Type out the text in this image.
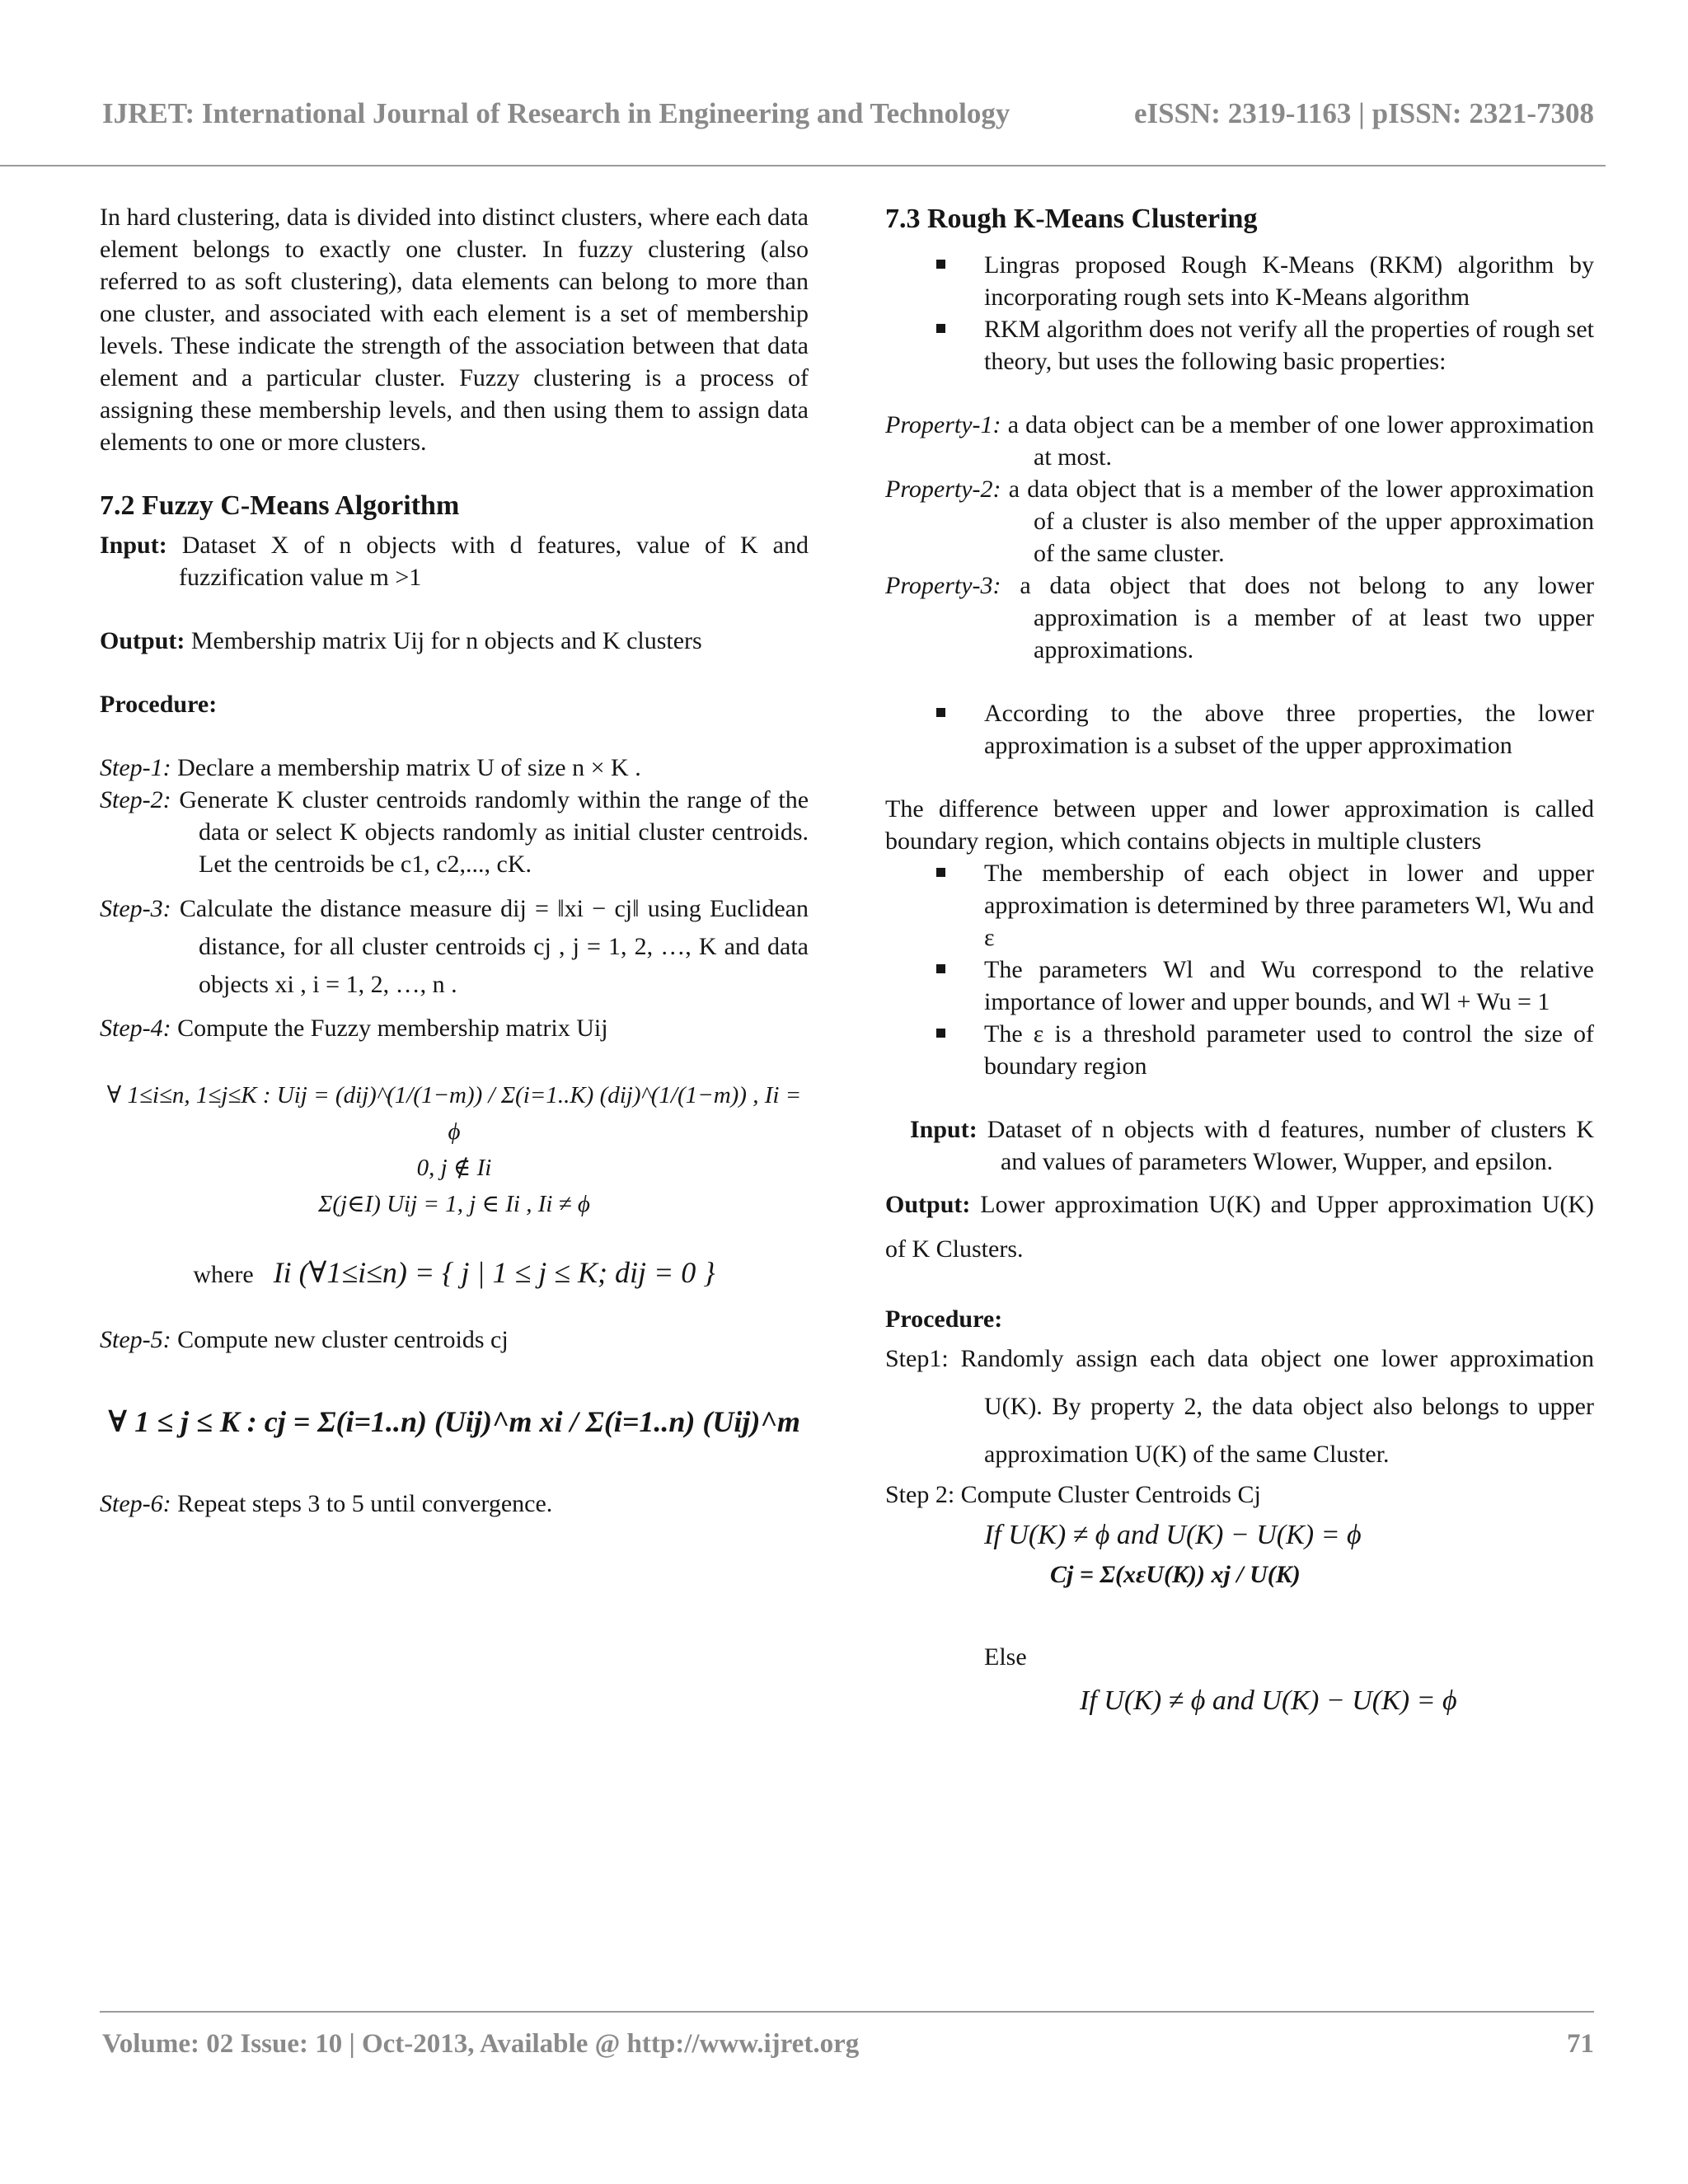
IJRET: International Journal of Research in Engineering and Technology	eISSN: 2319-1163 | pISSN: 2321-7308

In hard clustering, data is divided into distinct clusters, where each data element belongs to exactly one cluster. In fuzzy clustering (also referred to as soft clustering), data elements can belong to more than one cluster, and associated with each element is a set of membership levels. These indicate the strength of the association between that data element and a particular cluster. Fuzzy clustering is a process of assigning these membership levels, and then using them to assign data elements to one or more clusters.

7.2 Fuzzy C-Means Algorithm

Input: Dataset X of n objects with d features, value of K and fuzzification value m >1

Output: Membership matrix Uij for n objects and K clusters

Procedure:

Step-1: Declare a membership matrix U of size n × K .

Step-2: Generate K cluster centroids randomly within the range of the data or select K objects randomly as initial cluster centroids. Let the centroids be c1, c2,..., cK.

Step-3: Calculate the distance measure dij = ‖xi − cj‖ using Euclidean distance, for all cluster centroids cj , j = 1, 2, …, K and data objects xi , i = 1, 2, …, n .

Step-4: Compute the Fuzzy membership matrix Uij

∀ 1≤i≤n, 1≤j≤K : Uij = (dij)^(1/(1−m)) / Σ(i=1..K) (dij)^(1/(1−m)) , Ii = ϕ
0, j ∉ Ii
Σ(j∈I) Uij = 1, j ∈ Ii , Ii ≠ ϕ
where Ii (∀1≤i≤n) = { j | 1 ≤ j ≤ K; dij = 0 }

Step-5: Compute new cluster centroids cj

∀ 1 ≤ j ≤ K : cj = Σ(i=1..n) (Uij)^m xi / Σ(i=1..n) (Uij)^m

Step-6: Repeat steps 3 to 5 until convergence.

7.3 Rough K-Means Clustering

Lingras proposed Rough K-Means (RKM) algorithm by incorporating rough sets into K-Means algorithm
RKM algorithm does not verify all the properties of rough set theory, but uses the following basic properties:

Property-1: a data object can be a member of one lower approximation at most.

Property-2: a data object that is a member of the lower approximation of a cluster is also member of the upper approximation of the same cluster.

Property-3: a data object that does not belong to any lower approximation is a member of at least two upper approximations.

According to the above three properties, the lower approximation is a subset of the upper approximation

The difference between upper and lower approximation is called boundary region, which contains objects in multiple clusters

The membership of each object in lower and upper approximation is determined by three parameters Wl, Wu and ε
The parameters Wl and Wu correspond to the relative importance of lower and upper bounds, and Wl + Wu = 1
The ε is a threshold parameter used to control the size of boundary region

Input: Dataset of n objects with d features, number of clusters K and values of parameters Wlower, Wupper, and epsilon.

Output: Lower approximation U(K) and Upper approximation U(K) of K Clusters.

Procedure:

Step1: Randomly assign each data object one lower approximation U(K). By property 2, the data object also belongs to upper approximation U(K) of the same Cluster.

Step 2: Compute Cluster Centroids Cj

If U(K) ≠ ϕ and U(K) − U(K) = ϕ
Cj = Σ(xεU(K)) xj / U(K)

Else

If U(K) ≠ ϕ and U(K) − U(K) = ϕ
Volume: 02 Issue: 10 | Oct-2013, Available @ http://www.ijret.org	71
